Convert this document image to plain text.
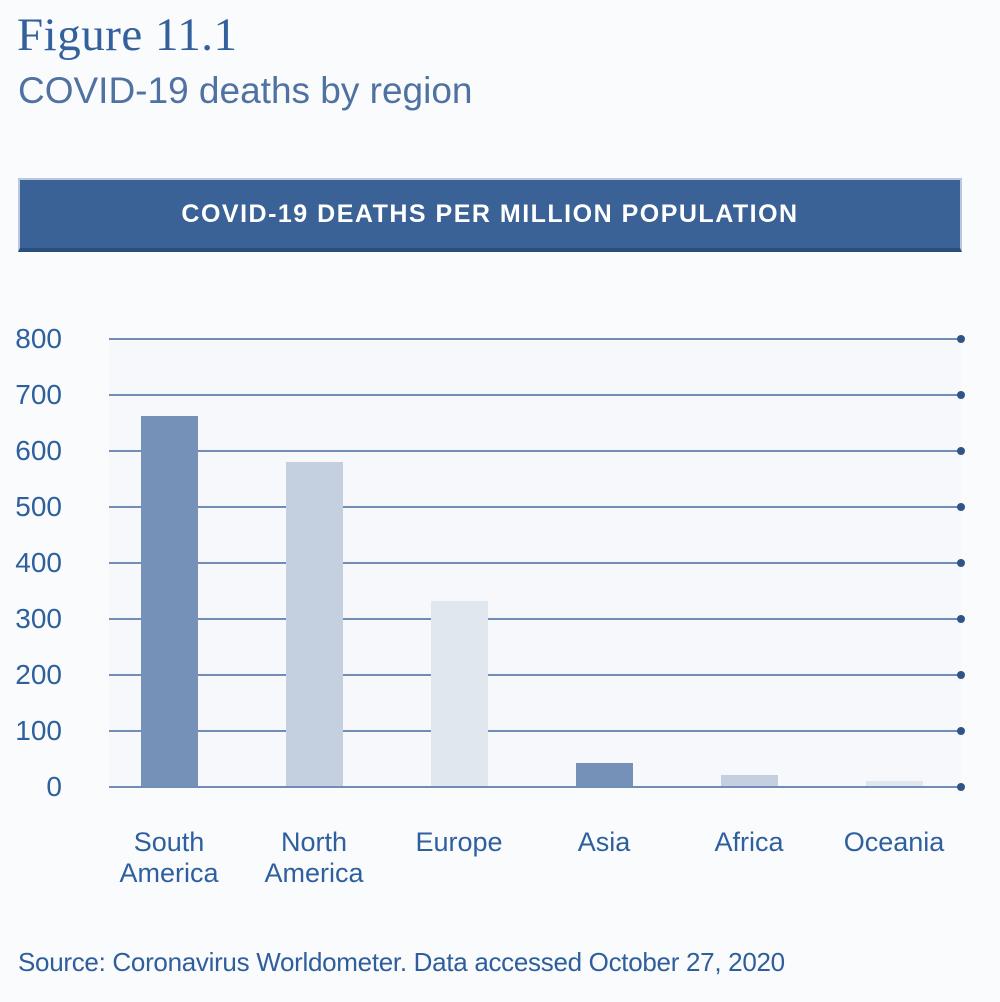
Figure 11.1
COVID-19 deaths by region
COVID-19 DEATHS PER MILLION POPULATION
0
100
200
300
400
500
600
700
800
South America
North America
Europe	Asia	Africa	Oceania
Source: Coronavirus Worldometer. Data accessed October 27, 2020
